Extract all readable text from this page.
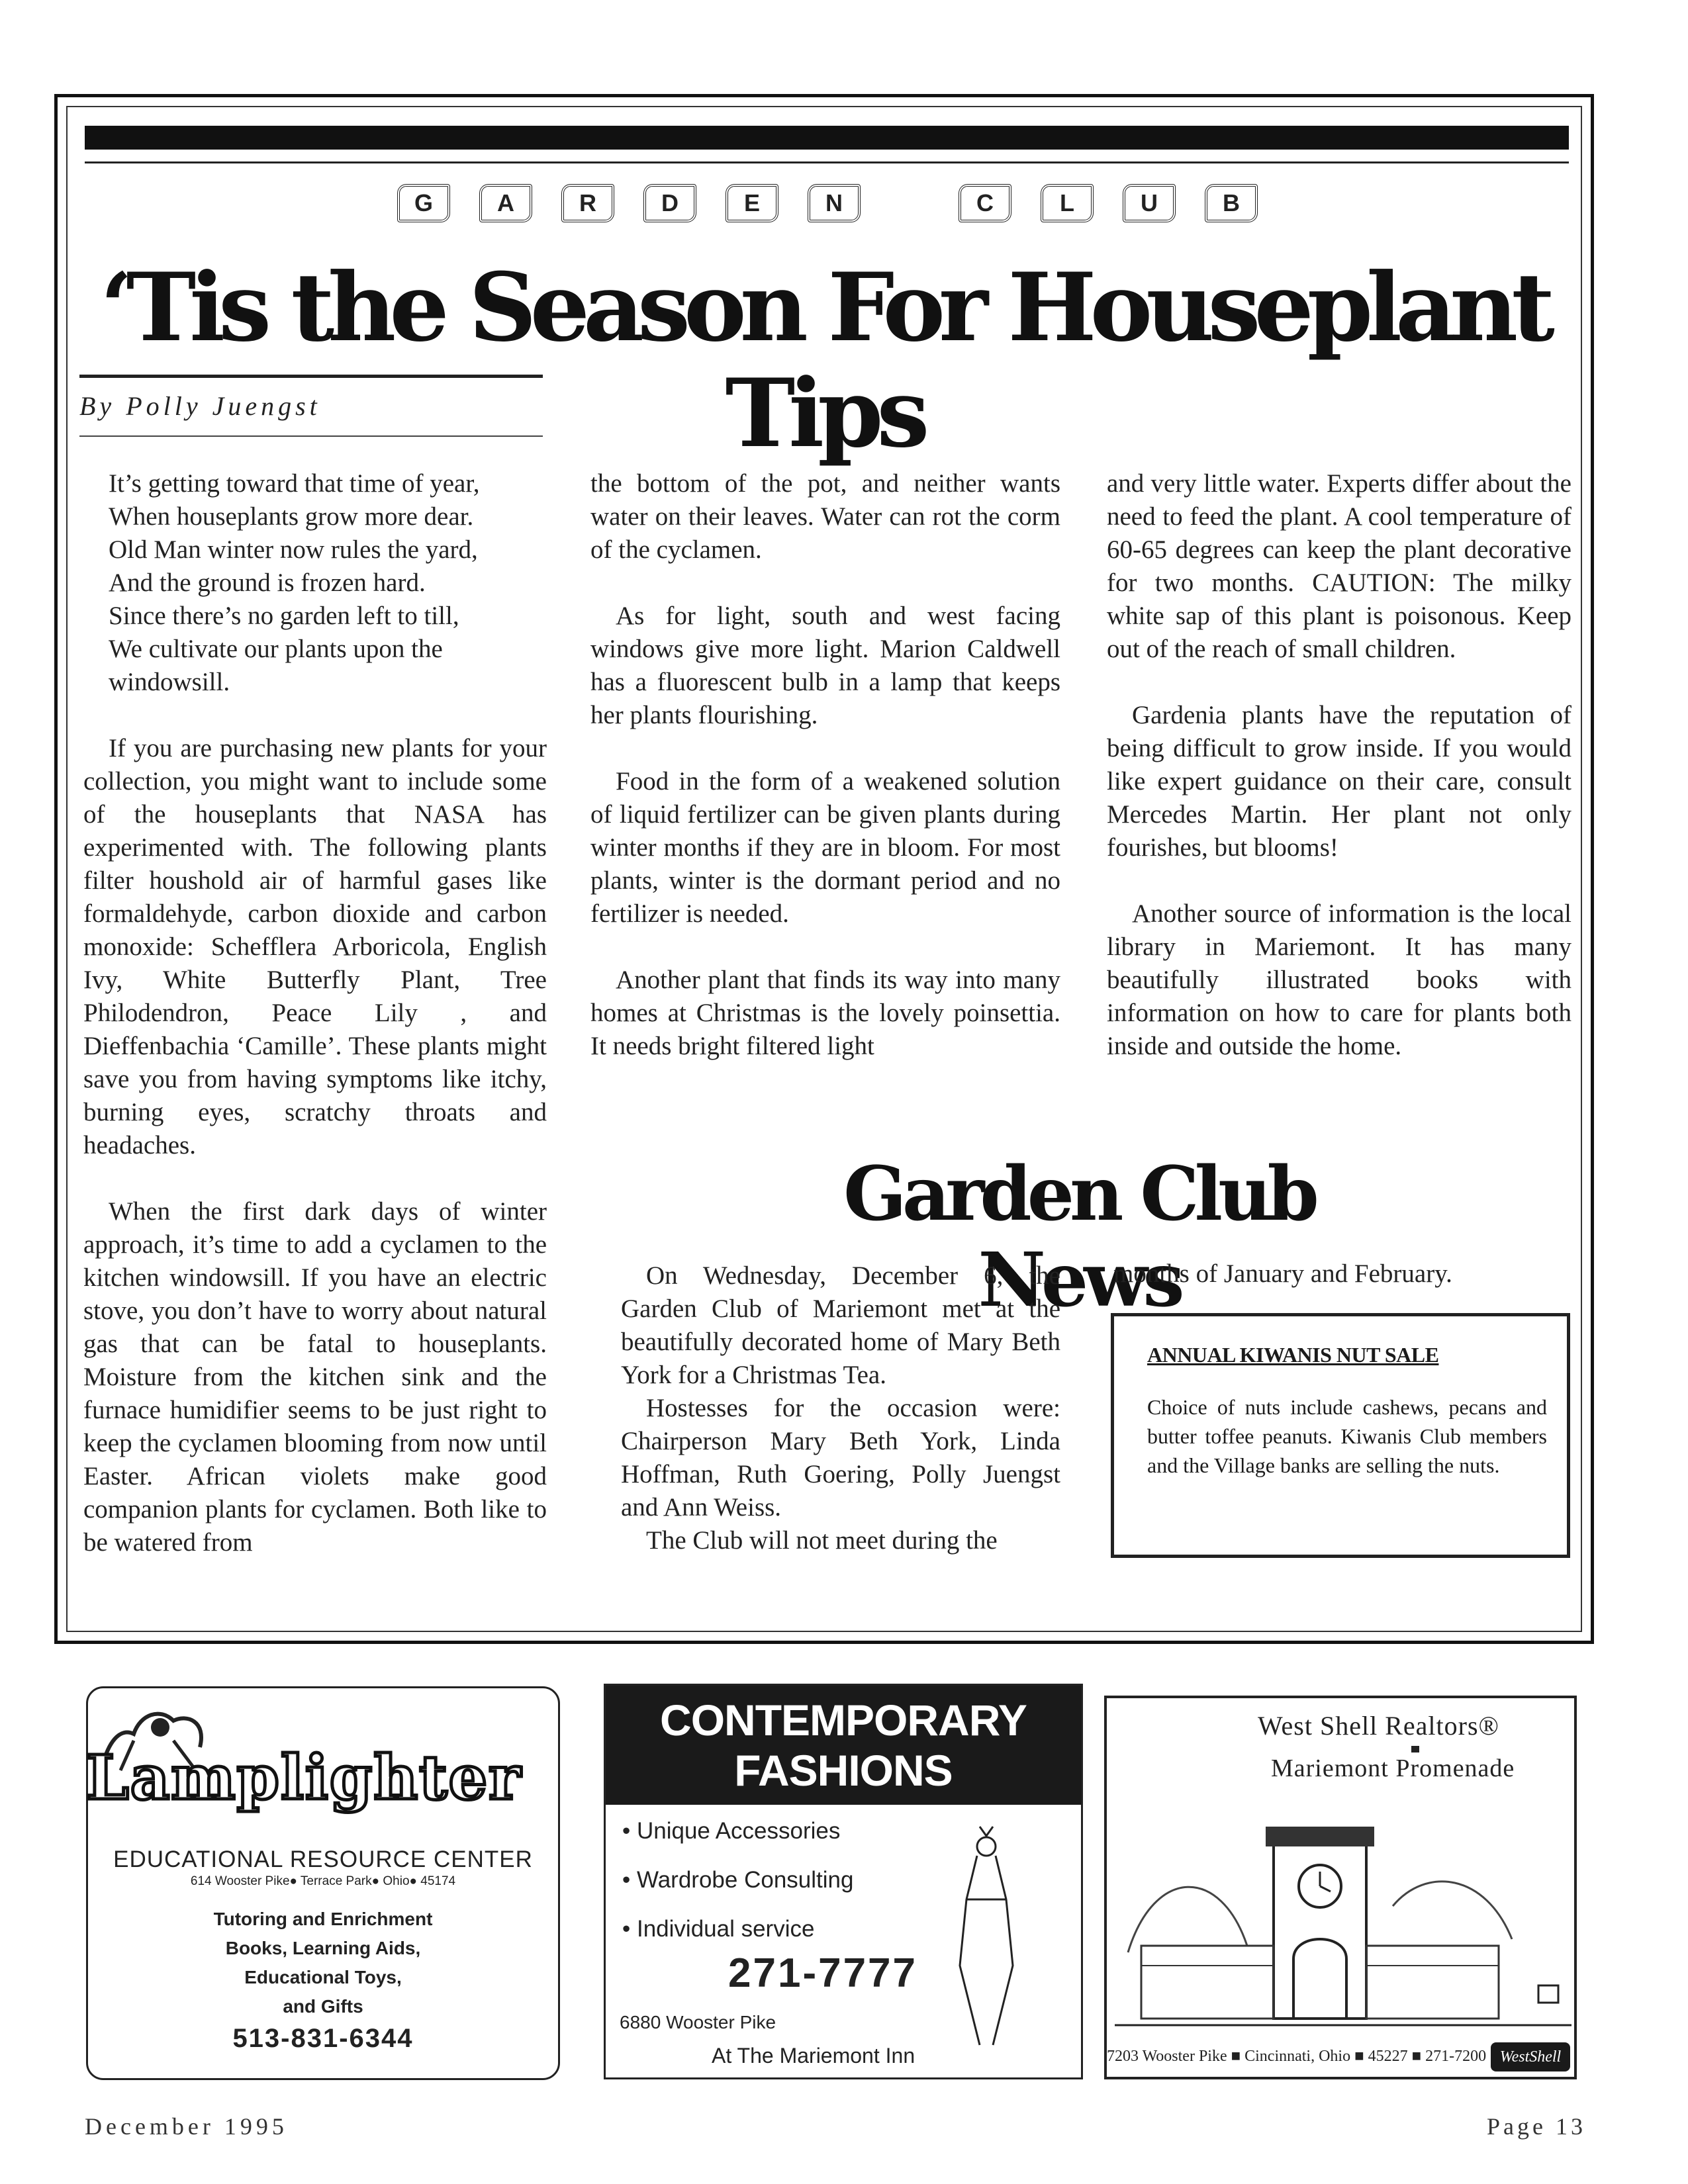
G	A	R	D	E	N	C	L	U	B
‘Tis the Season For Houseplant Tips
By Polly Juengst
It’s getting toward that time of year,
When houseplants grow more dear.
Old Man winter now rules the yard,
And the ground is frozen hard.
Since there’s no garden left to till,
We cultivate our plants upon the
windowsill.

If you are purchasing new plants for your collection, you might want to include some of the houseplants that NASA has experimented with. The following plants filter houshold air of harmful gases like formaldehyde, carbon dioxide and carbon monoxide: Schefflera Arboricola, English Ivy, White Butterfly Plant, Tree Philodendron, Peace Lily , and Dieffenbachia ‘Camille’. These plants might save you from having symptoms like itchy, burning eyes, scratchy throats and headaches.

When the first dark days of winter approach, it’s time to add a cyclamen to the kitchen windowsill. If you have an electric stove, you don’t have to worry about natural gas that can be fatal to houseplants. Moisture from the kitchen sink and the furnace humidifier seems to be just right to keep the cyclamen blooming from now until Easter. African violets make good companion plants for cyclamen. Both like to be watered from

the bottom of the pot, and neither wants water on their leaves. Water can rot the corm of the cyclamen.

As for light, south and west facing windows give more light. Marion Caldwell has a fluorescent bulb in a lamp that keeps her plants flourishing.

Food in the form of a weakened solution of liquid fertilizer can be given plants during winter months if they are in bloom. For most plants, winter is the dormant period and no fertilizer is needed.

Another plant that finds its way into many homes at Christmas is the lovely poinsettia. It needs bright filtered light

and very little water. Experts differ about the need to feed the plant. A cool temperature of 60-65 degrees can keep the plant decorative for two months. CAUTION: The milky white sap of this plant is poisonous. Keep out of the reach of small children.

Gardenia plants have the reputation of being difficult to grow inside. If you would like expert guidance on their care, consult Mercedes Martin. Her plant not only fourishes, but blooms!

Another source of information is the local library in Mariemont. It has many beautifully illustrated books with information on how to care for plants both inside and outside the home.

Garden Club News

On Wednesday, December 6, the Garden Club of Mariemont met at the beautifully decorated home of Mary Beth York for a Christmas Tea.

Hostesses for the occasion were: Chairperson Mary Beth York, Linda Hoffman, Ruth Goering, Polly Juengst and Ann Weiss.

The Club will not meet during the

months of January and February.

ANNUAL KIWANIS NUT SALE
Choice of nuts include cashews, pecans and butter toffee peanuts. Kiwanis Club members and the Village banks are selling the nuts.
Lamplighter
EDUCATIONAL RESOURCE CENTER
614 Wooster Pike● Terrace Park● Ohio● 45174
Tutoring and Enrichment
Books, Learning Aids,
Educational Toys,
and Gifts
513-831-6344
CONTEMPORARY
FASHIONS
• Unique Accessories
• Wardrobe Consulting
• Individual service
271-7777
6880 Wooster Pike
At The Mariemont Inn
West Shell Realtors®
Mariemont Promenade
7203 Wooster Pike ■ Cincinnati, Ohio ■ 45227 ■ 271-7200 WestShell
December 1995	Page 13
